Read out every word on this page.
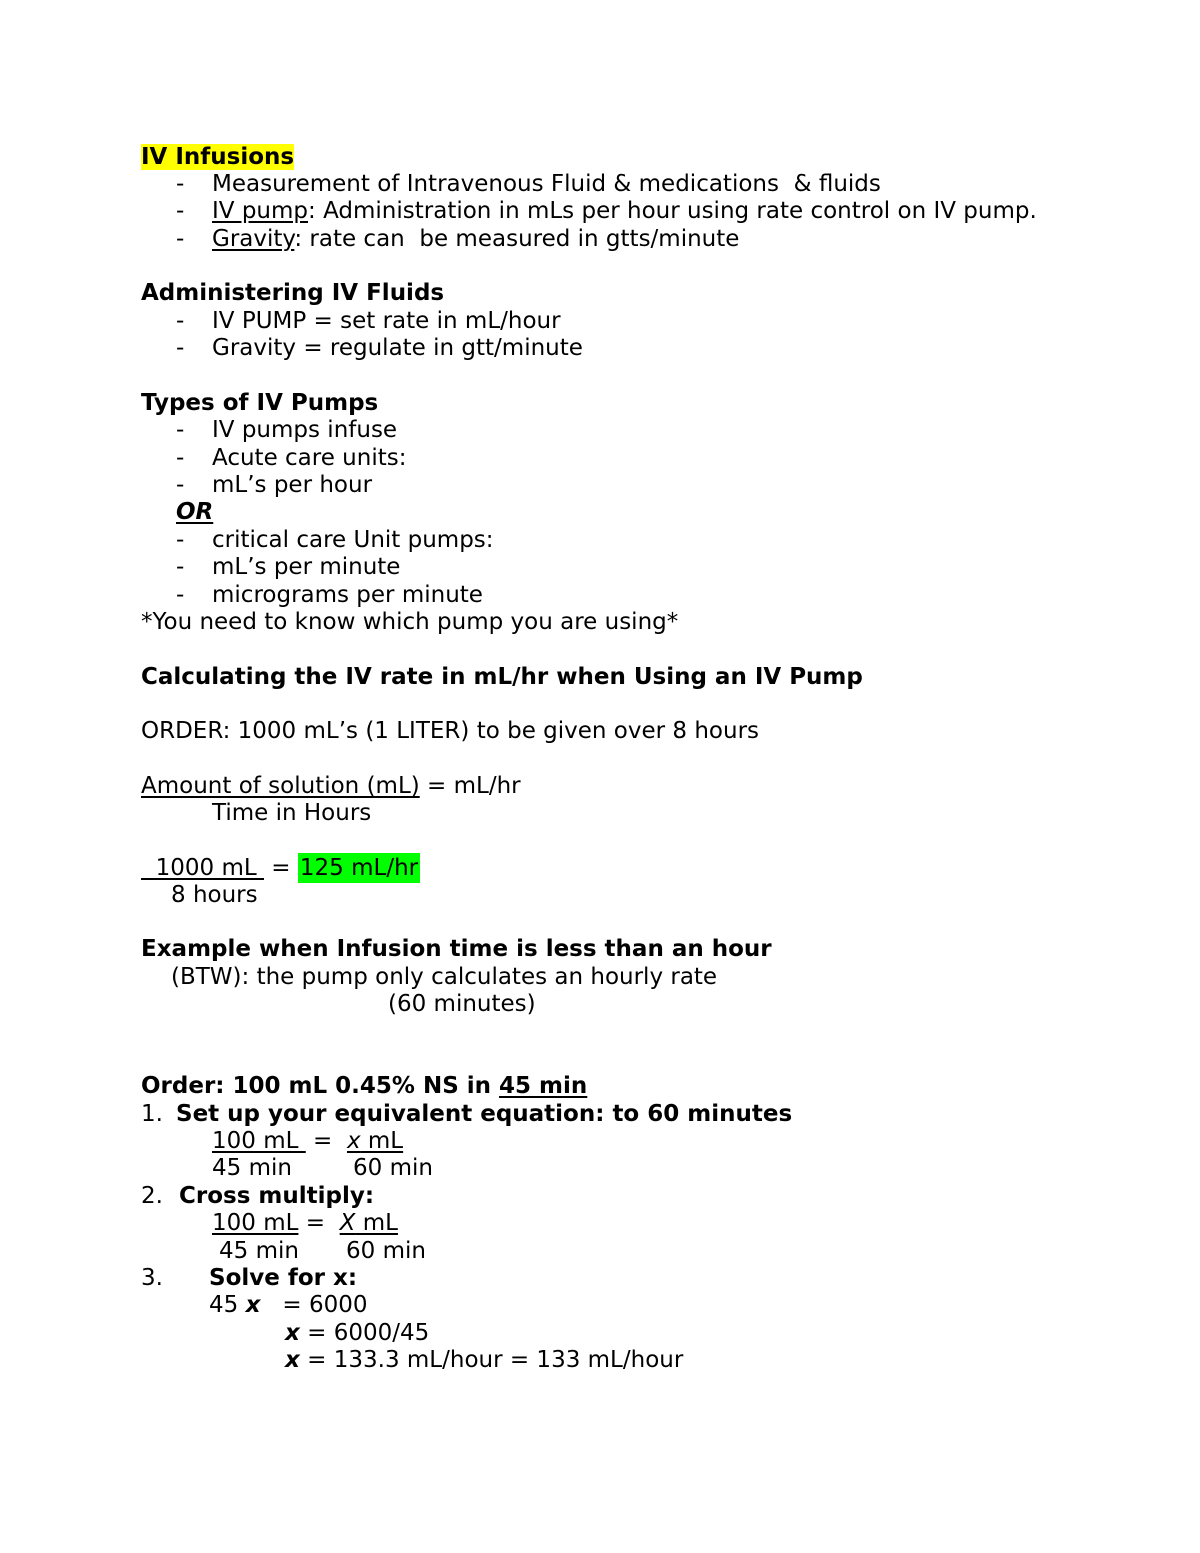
IV Infusions
- Measurement of Intravenous Fluid & medications  & fluids
- IV pump: Administration in mLs per hour using rate control on IV pump.
- Gravity: rate can  be measured in gtts/minute
Administering IV Fluids
- IV PUMP = set rate in mL/hour
- Gravity = regulate in gtt/minute
Types of IV Pumps
- IV pumps infuse
- Acute care units:
- mL’s per hour
OR
- critical care Unit pumps:
- mL’s per minute
- micrograms per minute
*You need to know which pump you are using*
Calculating the IV rate in mL/hr when Using an IV Pump
ORDER: 1000 mL’s (1 LITER) to be given over 8 hours
Amount of solution (mL) = mL/hr
Time in Hours
1000 mL  = 125 mL/hr
8 hours
Example when Infusion time is less than an hour
(BTW): the pump only calculates an hourly rate
(60 minutes)
Order: 100 mL 0.45% NS in 45 min
1. Set up your equivalent equation: to 60 minutes
100 mL  =  x mL
45 min	60 min
2. Cross multiply:
100 mL =  X mL
45 min 60 min
3. Solve for x:
45 x   = 6000
x = 6000/45
x = 133.3 mL/hour = 133 mL/hour
